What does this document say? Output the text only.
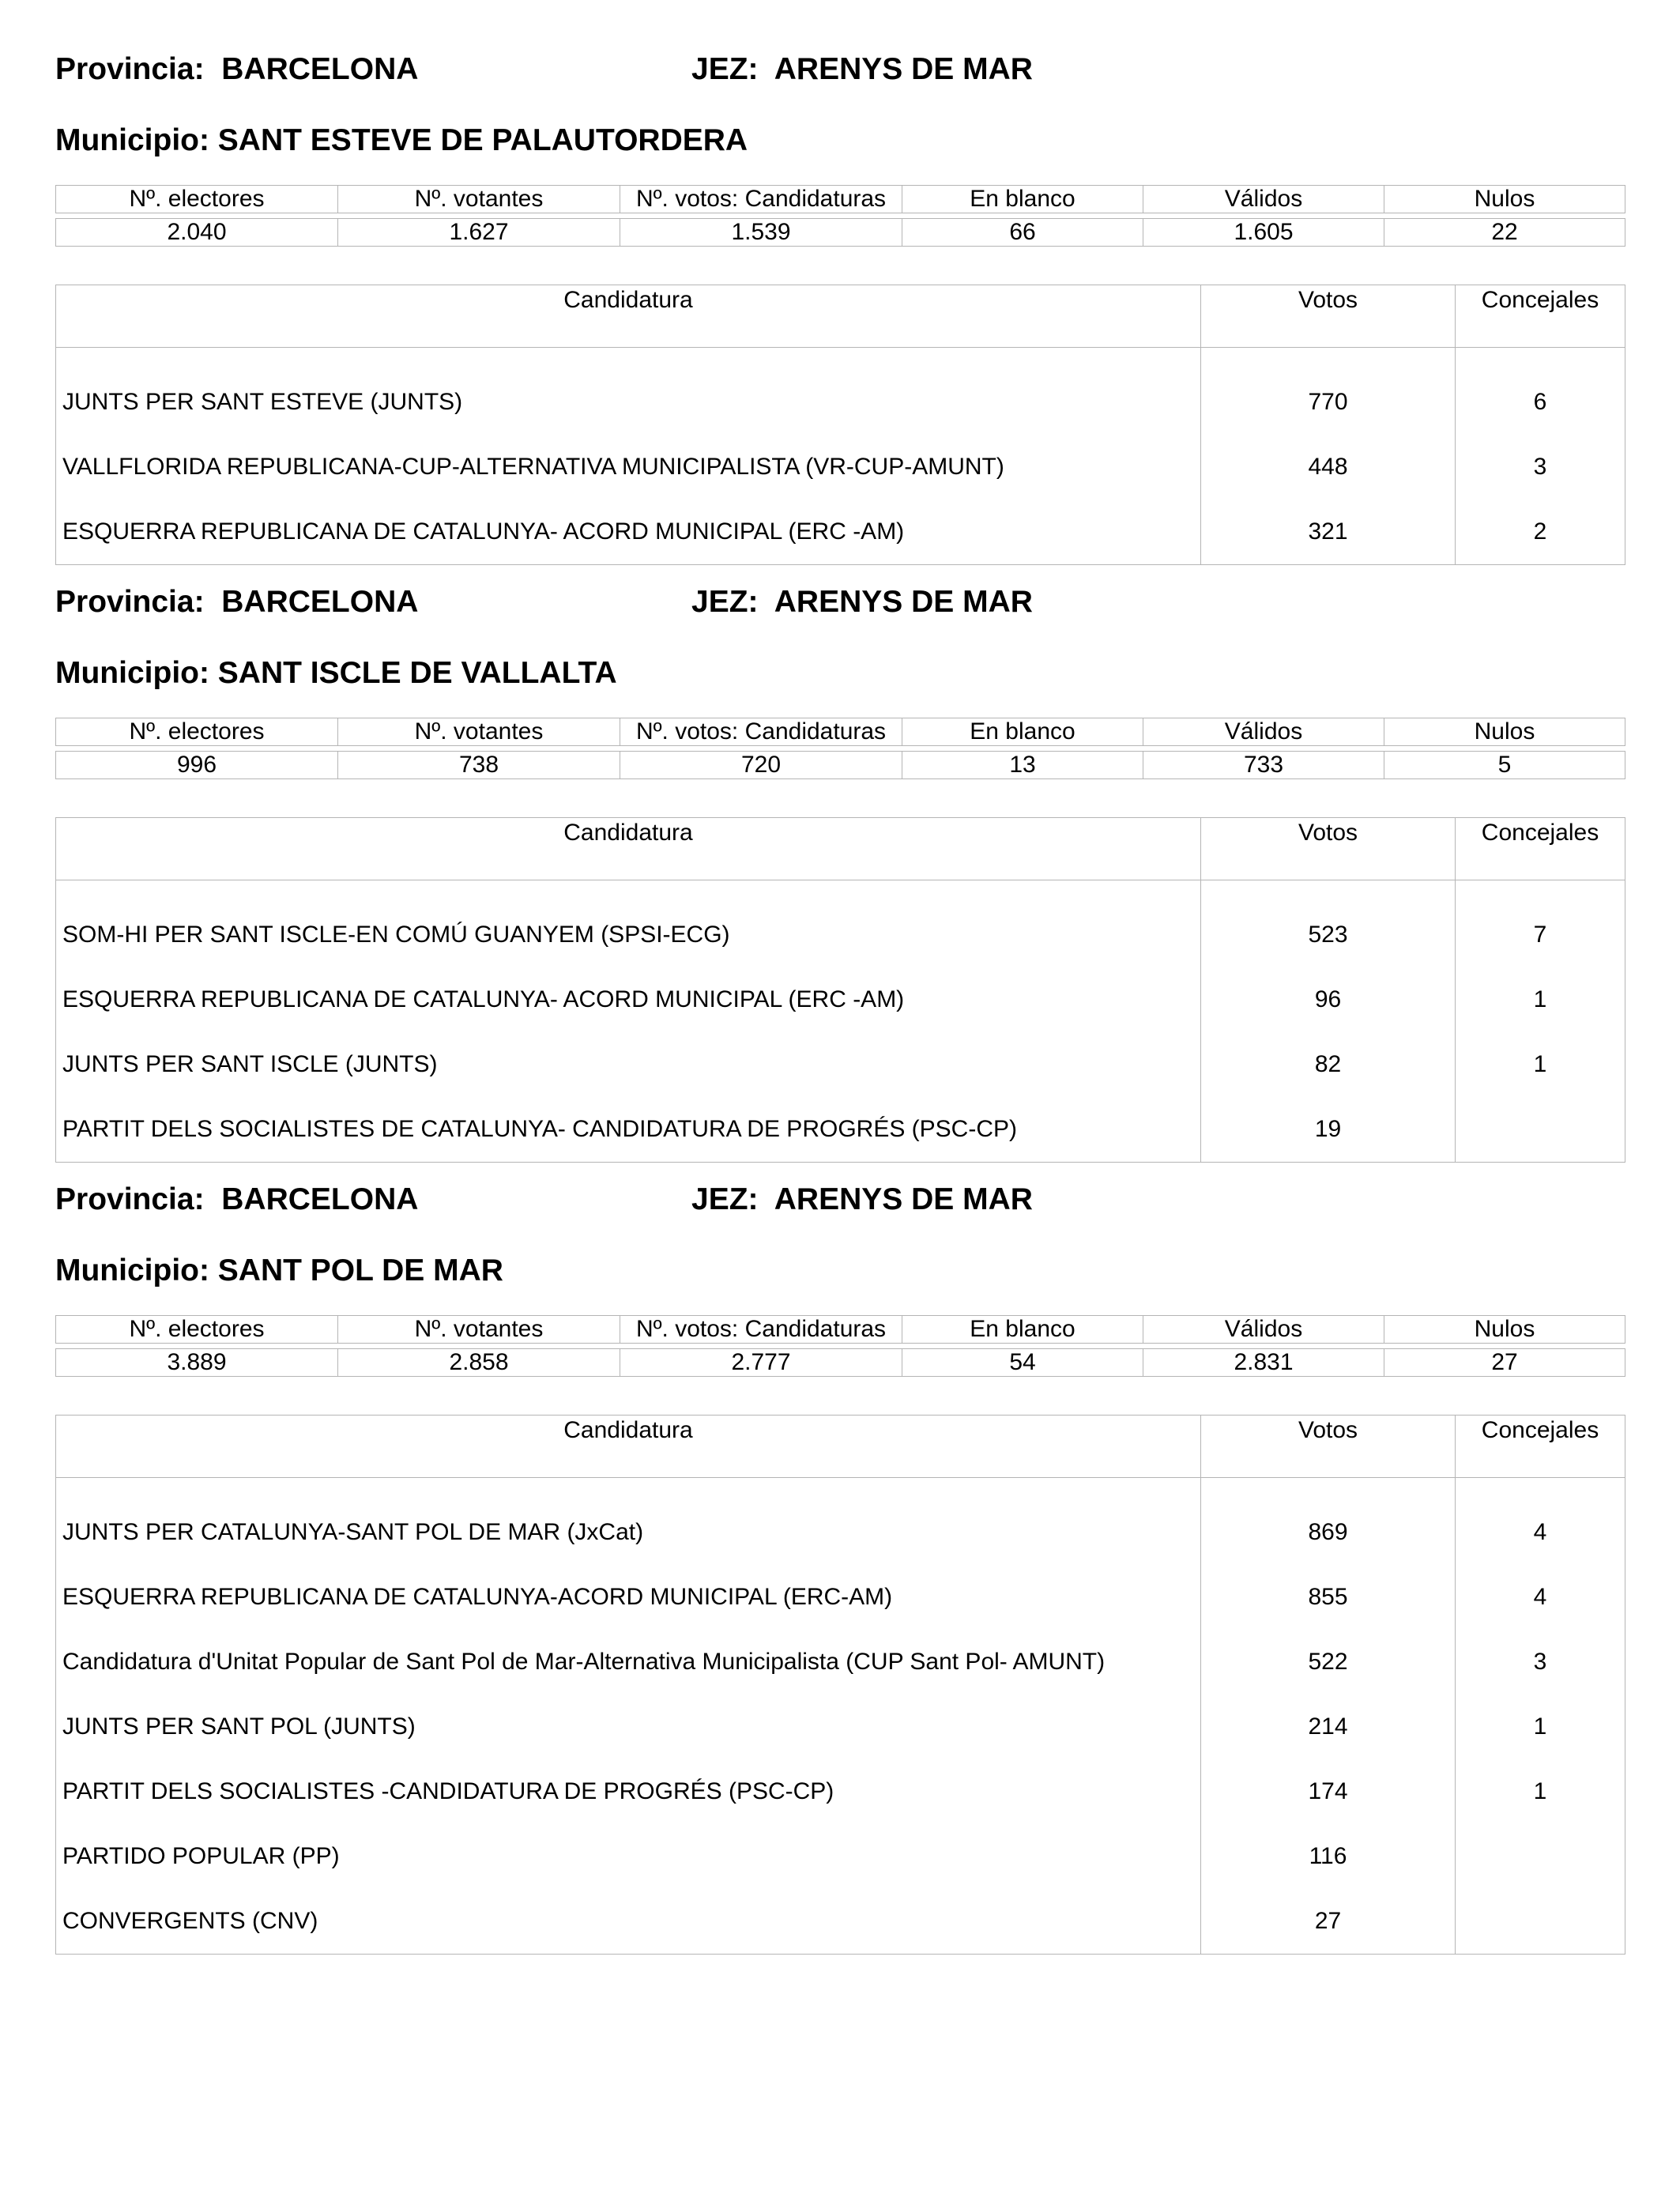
Provincia:  BARCELONA	JEZ:  ARENYS DE MAR
Municipio: SANT ESTEVE DE PALAUTORDERA
Nº. electores	Nº. votantes	Nº. votos: Candidaturas	En blanco	Válidos	Nulos

2.040	1.627	1.539	66	1.605	22
Candidatura	Votos	Concejales

JUNTS PER SANT ESTEVE (JUNTS)	770	6
VALLFLORIDA REPUBLICANA-CUP-ALTERNATIVA MUNICIPALISTA (VR-CUP-AMUNT)	448	3
ESQUERRA REPUBLICANA DE CATALUNYA- ACORD MUNICIPAL (ERC -AM)	321	2
Provincia:  BARCELONA	JEZ:  ARENYS DE MAR
Municipio: SANT ISCLE DE VALLALTA
Nº. electores	Nº. votantes	Nº. votos: Candidaturas	En blanco	Válidos	Nulos

996	738	720	13	733	5
Candidatura	Votos	Concejales

SOM-HI PER SANT ISCLE-EN COMÚ GUANYEM (SPSI-ECG)	523	7
ESQUERRA REPUBLICANA DE CATALUNYA- ACORD MUNICIPAL (ERC -AM)	96	1
JUNTS PER SANT ISCLE (JUNTS)	82	1
PARTIT DELS SOCIALISTES DE CATALUNYA- CANDIDATURA DE PROGRÉS (PSC-CP)	19	
Provincia:  BARCELONA	JEZ:  ARENYS DE MAR
Municipio: SANT POL DE MAR
Nº. electores	Nº. votantes	Nº. votos: Candidaturas	En blanco	Válidos	Nulos

3.889	2.858	2.777	54	2.831	27
Candidatura	Votos	Concejales

JUNTS PER CATALUNYA-SANT POL DE MAR (JxCat)	869	4
ESQUERRA REPUBLICANA DE CATALUNYA-ACORD MUNICIPAL (ERC-AM)	855	4
Candidatura d'Unitat Popular de Sant Pol de Mar-Alternativa Municipalista (CUP Sant Pol- AMUNT)	522	3
JUNTS PER SANT POL (JUNTS)	214	1
PARTIT DELS SOCIALISTES -CANDIDATURA DE PROGRÉS (PSC-CP)	174	1
PARTIDO POPULAR (PP)	116	
CONVERGENTS (CNV)	27	
